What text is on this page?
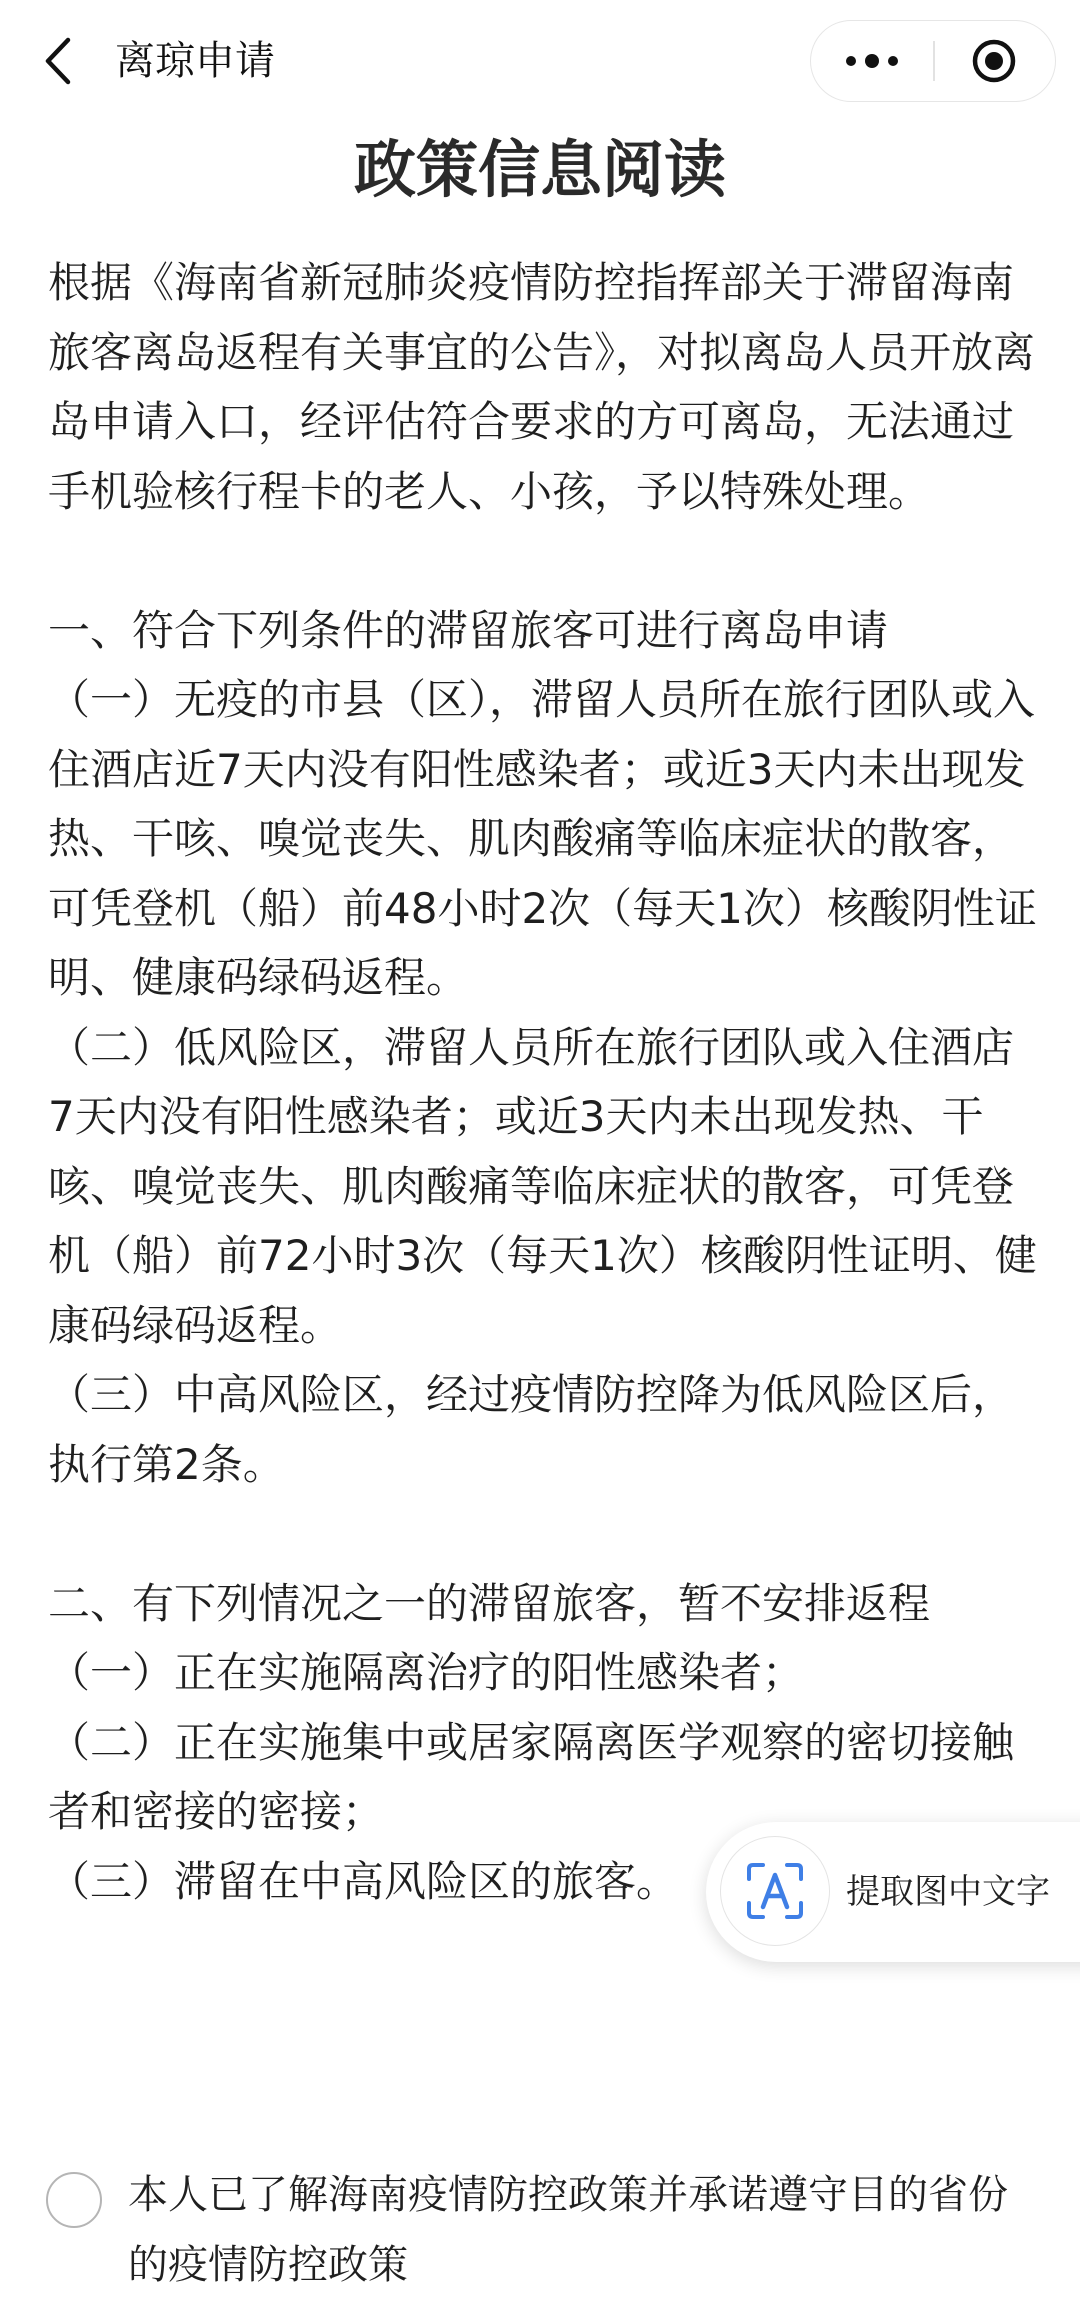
离琼申请
政策信息阅读

根据《海南省新冠肺炎疫情防控指挥部关于滞留海南旅客离岛返程有关事宜的公告》，对拟离岛人员开放离岛申请入口，经评估符合要求的方可离岛，无法通过手机验核行程卡的老人、小孩，予以特殊处理。

一、符合下列条件的滞留旅客可进行离岛申请

（一）无疫的市县（区），滞留人员所在旅行团队或入住酒店近7天内没有阳性感染者；或近3天内未出现发热、干咳、嗅觉丧失、肌肉酸痛等临床症状的散客，可凭登机（船）前48小时2次（每天1次）核酸阴性证明、健康码绿码返程。

（二）低风险区，滞留人员所在旅行团队或入住酒店7天内没有阳性感染者；或近3天内未出现发热、干咳、嗅觉丧失、肌肉酸痛等临床症状的散客，可凭登机（船）前72小时3次（每天1次）核酸阴性证明、健康码绿码返程。

（三）中高风险区，经过疫情防控降为低风险区后，执行第2条。

二、有下列情况之一的滞留旅客，暂不安排返程

（一）正在实施隔离治疗的阳性感染者；

（二）正在实施集中或居家隔离医学观察的密切接触者和密接的密接；

（三）滞留在中高风险区的旅客。	提取图中文字
本人已了解海南疫情防控政策并承诺遵守目的省份的疫情防控政策
